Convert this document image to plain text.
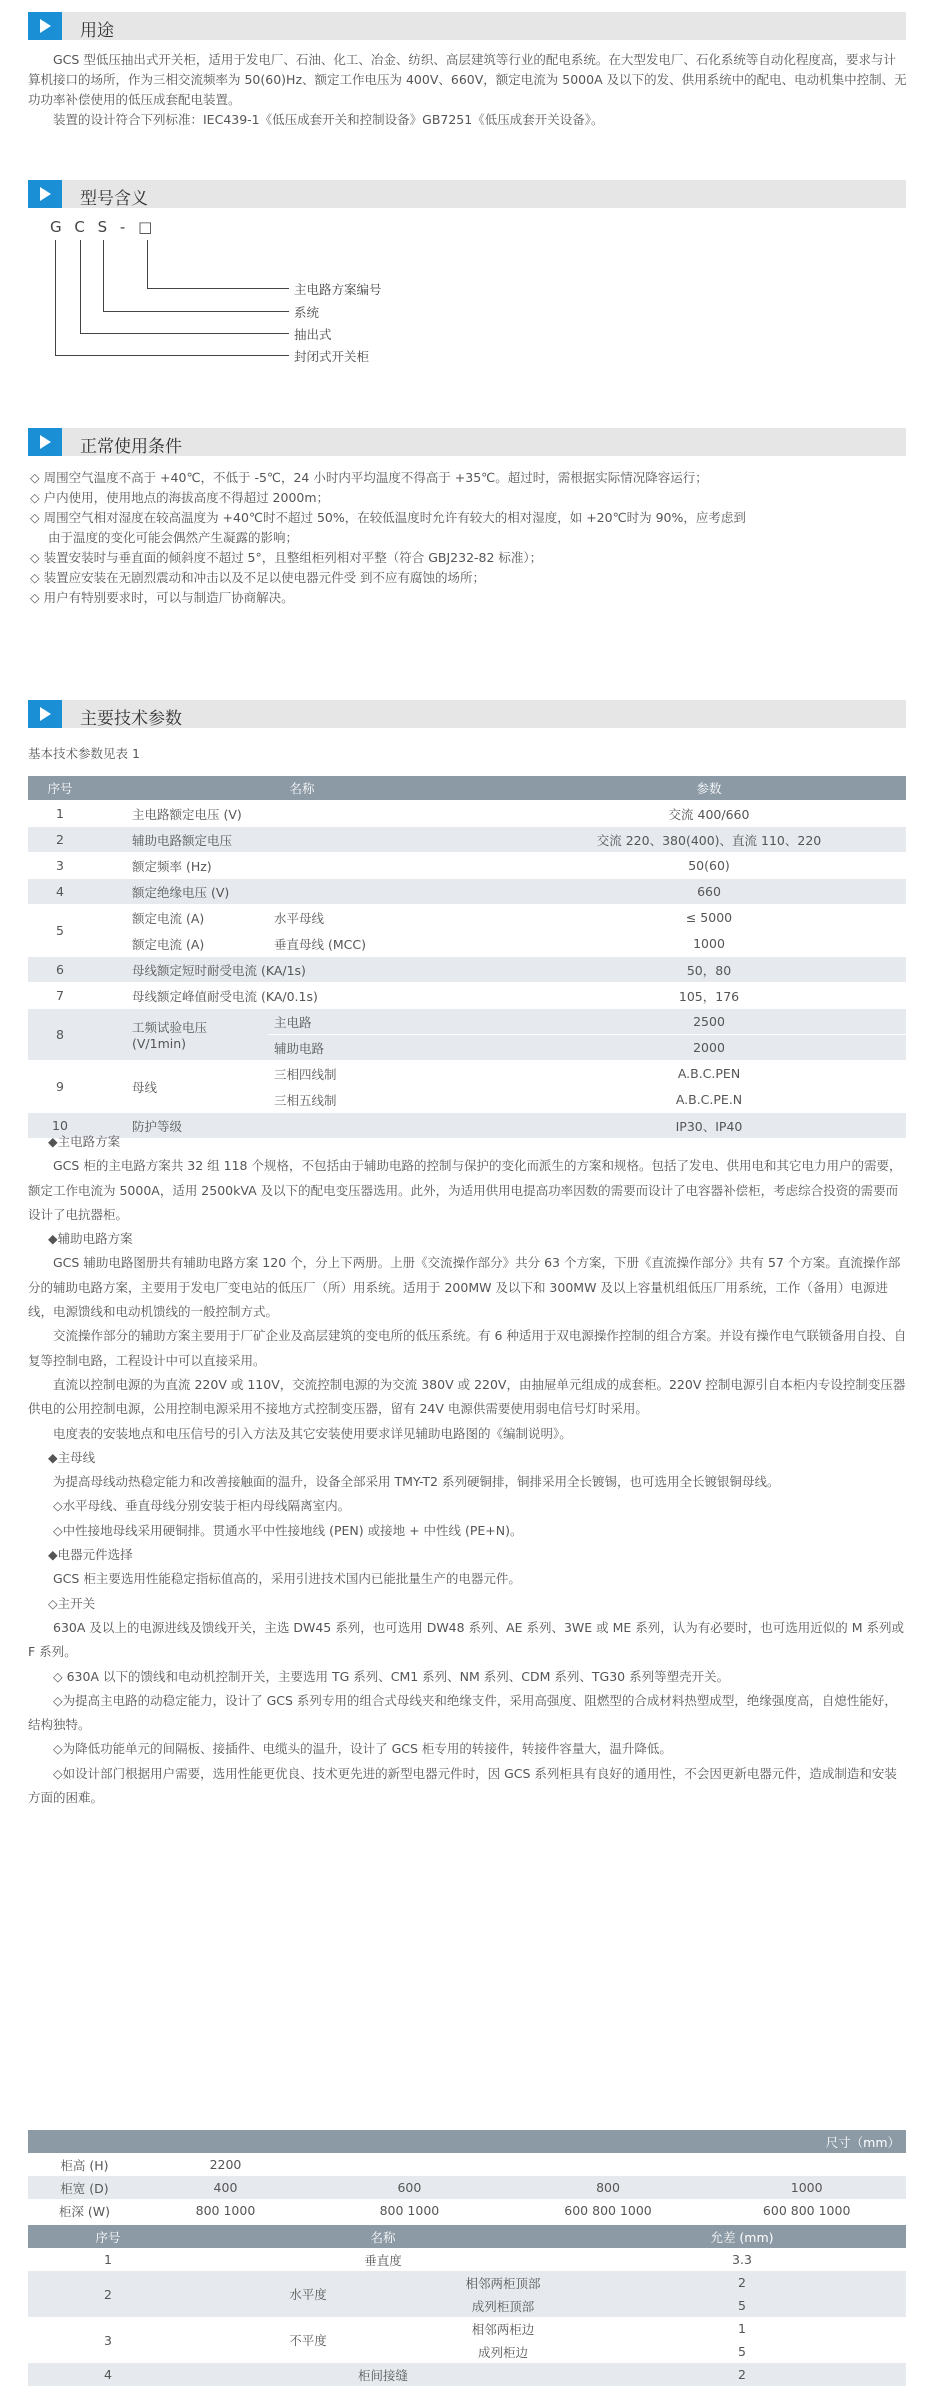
用途

GCS 型低压抽出式开关柜，适用于发电厂、石油、化工、冶金、纺织、高层建筑等行业的配电系统。在大型发电厂、石化系统等自动化程度高，要求与计算机接口的场所，作为三相交流频率为 50(60)Hz、额定工作电压为 400V、660V，额定电流为 5000A 及以下的发、供用系统中的配电、电动机集中控制、无功功率补偿使用的低压成套配电装置。

装置的设计符合下列标准：IEC439-1《低压成套开关和控制设备》GB7251《低压成套开关设备》。

型号含义
G C S - □
主电路方案编号
系统
抽出式
封闭式开关柜
正常使用条件

◇ 周围空气温度不高于 +40℃，不低于 -5℃，24 小时内平均温度不得高于 +35℃。超过时，需根据实际情况降容运行；

◇ 户内使用，使用地点的海拔高度不得超过 2000m；

◇ 周围空气相对湿度在较高温度为 +40℃时不超过 50%，在较低温度时允许有较大的相对湿度，如 +20℃时为 90%，应考虑到

由于温度的变化可能会偶然产生凝露的影响；

◇ 装置安装时与垂直面的倾斜度不超过 5°，且整组柜列相对平整（符合 GBJ232-82 标准）；

◇ 装置应安装在无剧烈震动和冲击以及不足以使电器元件受 到不应有腐蚀的场所；

◇ 用户有特别要求时，可以与制造厂协商解决。

主要技术参数
基本技术参数见表 1
序号	名称		参数
1	主电路额定电压 (V)		交流 400/660
2	辅助电路额定电压		交流 220、380(400)、直流 110、220
3	额定频率 (Hz)		50(60)
4	额定绝缘电压 (V)		660
5	额定电流 (A)	水平母线	≤ 5000
	额定电流 (A)	垂直母线 (MCC)	1000
6	母线额定短时耐受电流 (KA/1s)		50，80
7	母线额定峰值耐受电流 (KA/0.1s)		105，176
8	工频试验电压 (V/1min)	主电路	2500
		辅助电路	2000
9	母线	三相四线制	A.B.C.PEN
		三相五线制	A.B.C.PE.N
10	防护等级		IP30、IP40

◆主电路方案

GCS 柜的主电路方案共 32 组 118 个规格，不包括由于辅助电路的控制与保护的变化而派生的方案和规格。包括了发电、供用电和其它电力用户的需要，额定工作电流为 5000A，适用 2500kVA 及以下的配电变压器选用。此外，为适用供用电提高功率因数的需要而设计了电容器补偿柜，考虑综合投资的需要而设计了电抗器柜。

◆辅助电路方案

GCS 辅助电路图册共有辅助电路方案 120 个，分上下两册。上册《交流操作部分》共分 63 个方案，下册《直流操作部分》共有 57 个方案。直流操作部分的辅助电路方案，主要用于发电厂变电站的低压厂（所）用系统。适用于 200MW 及以下和 300MW 及以上容量机组低压厂用系统，工作（备用）电源进线，电源馈线和电动机馈线的一般控制方式。

交流操作部分的辅助方案主要用于厂矿企业及高层建筑的变电所的低压系统。有 6 种适用于双电源操作控制的组合方案。并设有操作电气联锁备用自投、自复等控制电路，工程设计中可以直接采用。

直流以控制电源的为直流 220V 或 110V，交流控制电源的为交流 380V 或 220V，由抽屉单元组成的成套柜。220V 控制电源引自本柜内专设控制变压器供电的公用控制电源，公用控制电源采用不接地方式控制变压器，留有 24V 电源供需要使用弱电信号灯时采用。

电度表的安装地点和电压信号的引入方法及其它安装使用要求详见辅助电路图的《编制说明》。

◆主母线

为提高母线动热稳定能力和改善接触面的温升，设备全部采用 TMY-T2 系列硬铜排，铜排采用全长镀锡，也可选用全长镀银铜母线。

◇水平母线、垂直母线分别安装于柜内母线隔离室内。

◇中性接地母线采用硬铜排。贯通水平中性接地线 (PEN) 或接地 + 中性线 (PE+N)。

◆电器元件选择

GCS 柜主要选用性能稳定指标值高的，采用引进技术国内已能批量生产的电器元件。

◇主开关

630A 及以上的电源进线及馈线开关，主选 DW45 系列，也可选用 DW48 系列、AE 系列、3WE 或 ME 系列，认为有必要时，也可选用近似的 M 系列或 F 系列。

◇ 630A 以下的馈线和电动机控制开关，主要选用 TG 系列、CM1 系列、NM 系列、CDM 系列、TG30 系列等塑壳开关。

◇为提高主电路的动稳定能力，设计了 GCS 系列专用的组合式母线夹和绝缘支件，采用高强度、阻燃型的合成材料热塑成型，绝缘强度高，自熄性能好，结构独特。

◇为降低功能单元的间隔板、接插件、电缆头的温升，设计了 GCS 柜专用的转接件，转接件容量大，温升降低。

◇如设计部门根据用户需要，选用性能更优良、技术更先进的新型电器元件时，因 GCS 系列柜具有良好的通用性，不会因更新电器元件，造成制造和安装方面的困难。

尺寸（mm）				
柜高 (H)	2200			
柜宽 (D)	400	600	800	1000
柜深 (W)	800 1000	800 1000	600 800 1000	600 800 1000
序号	名称		允差 (mm)
1	垂直度		3.3
2	水平度	相邻两柜顶部	2
		成列柜顶部	5
3	不平度	相邻两柜边	1
		成列柜边	5
4	柜间接缝		2
